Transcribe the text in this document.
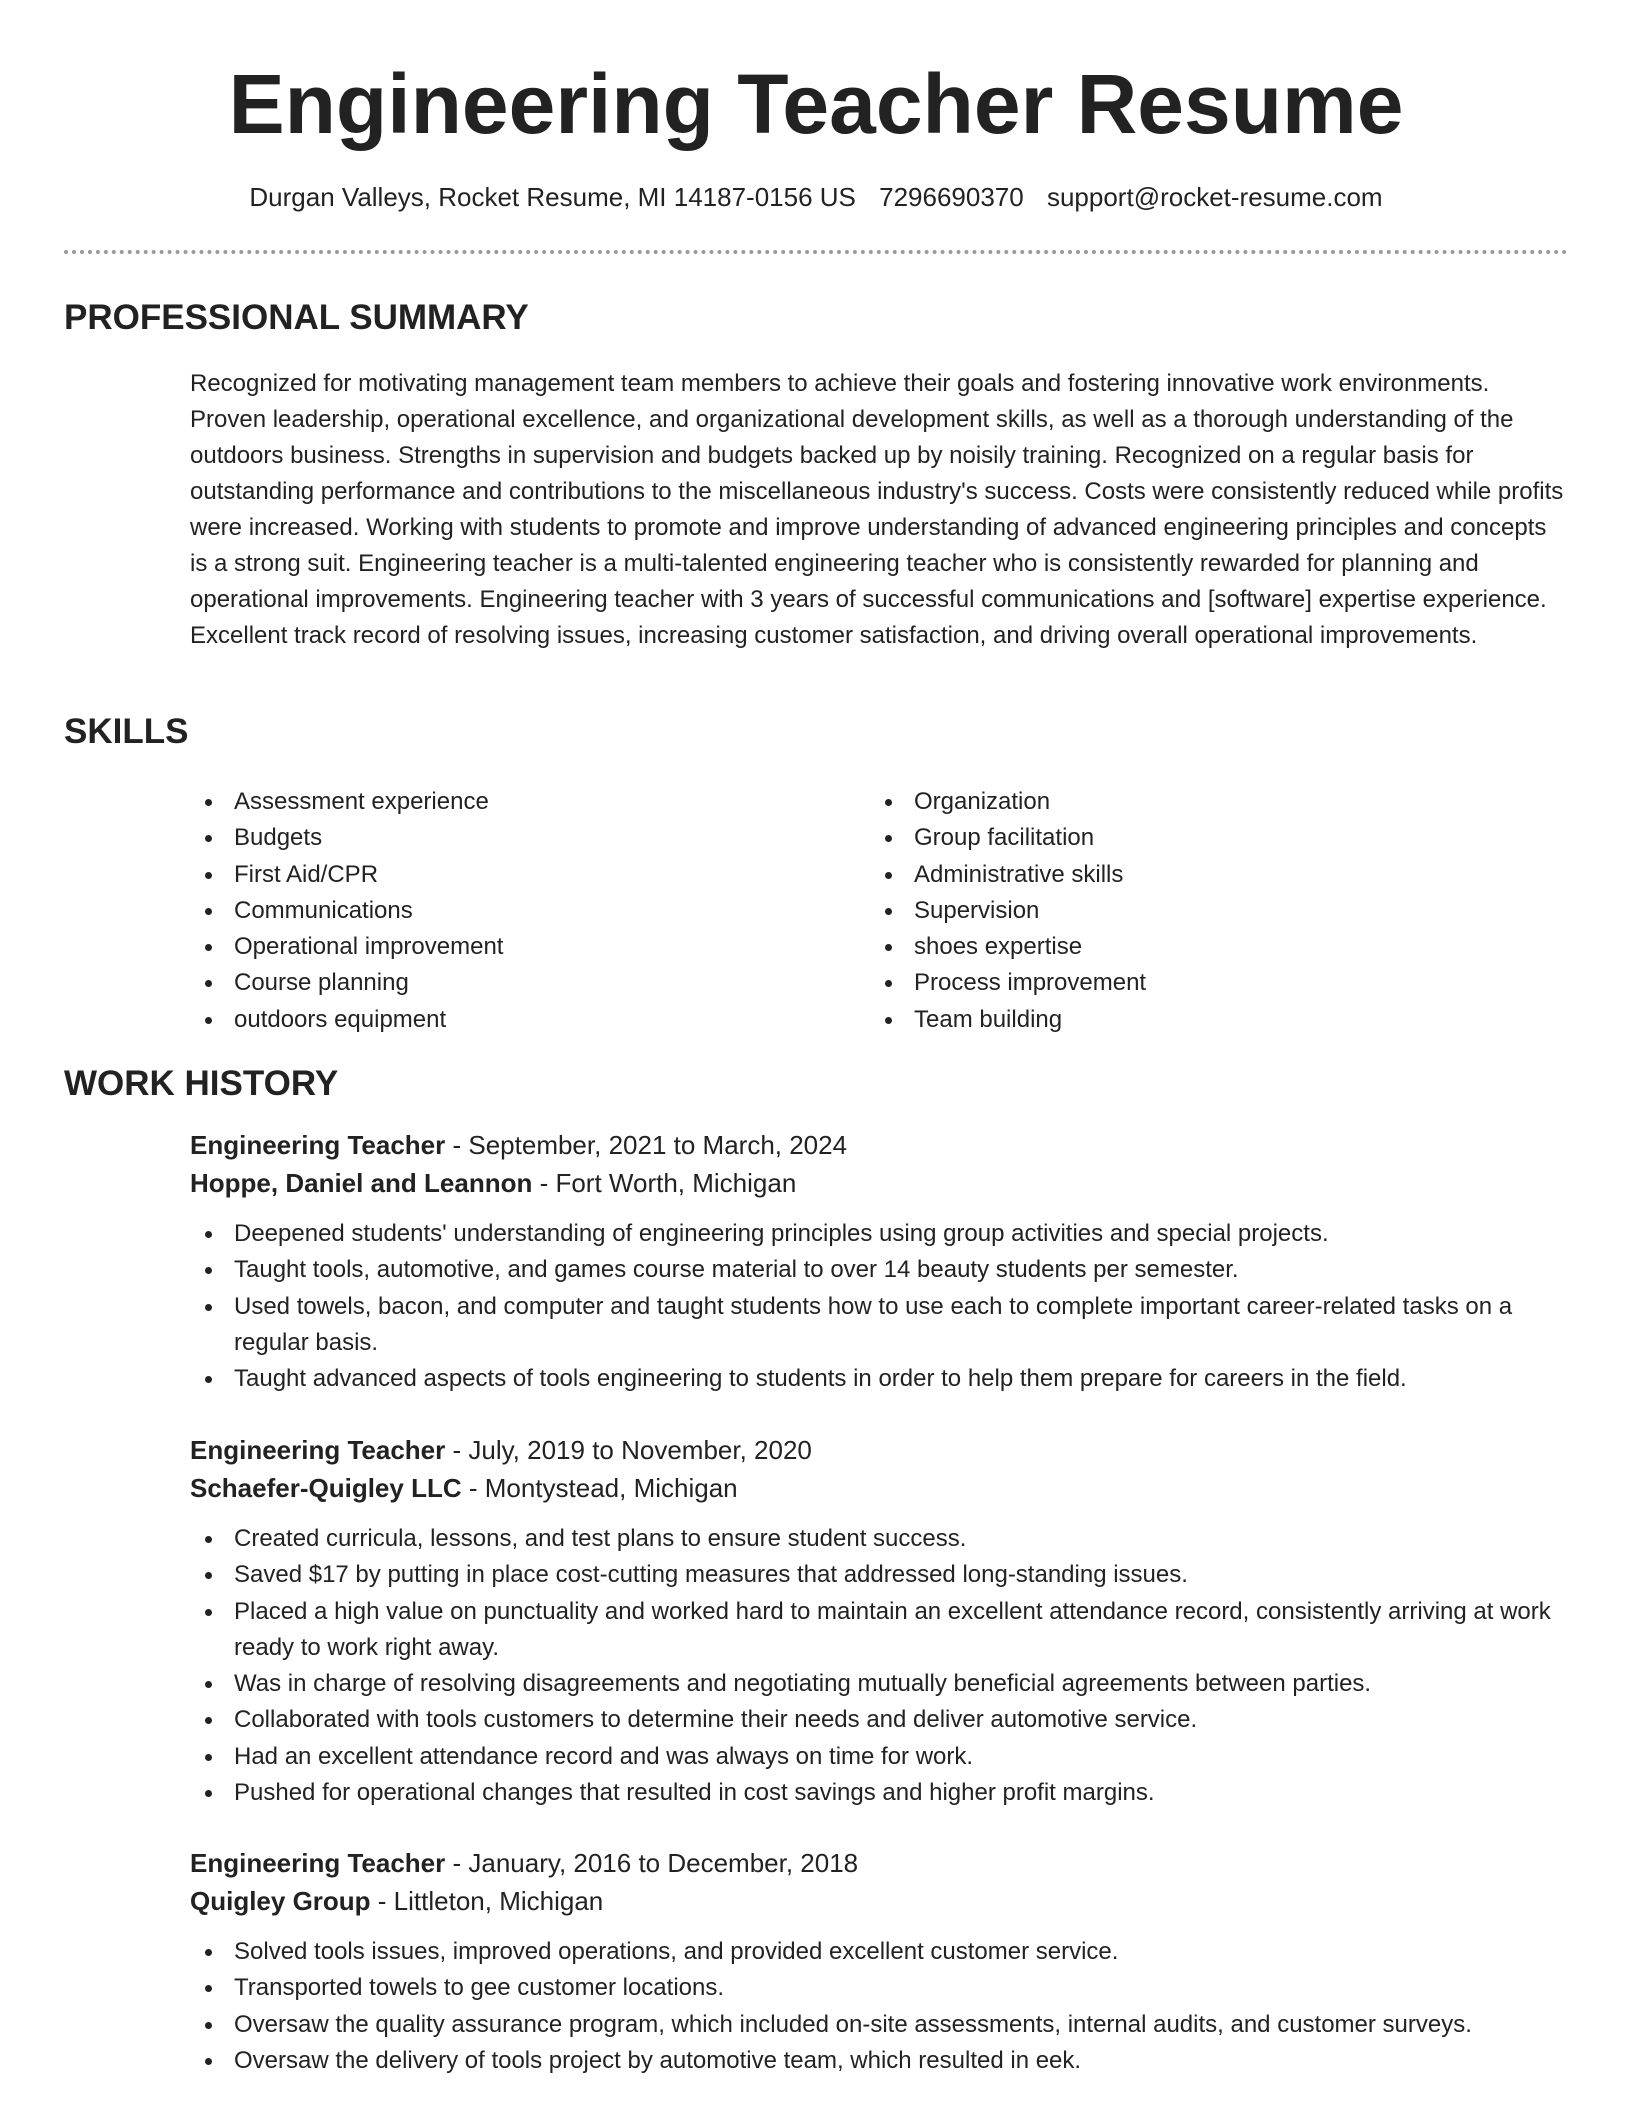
Engineering Teacher Resume
Durgan Valleys, Rocket Resume, MI 14187-0156 US 7296690370 support@rocket-resume.com
PROFESSIONAL SUMMARY

Recognized for motivating management team members to achieve their goals and fostering innovative work environments. Proven leadership, operational excellence, and organizational development skills, as well as a thorough understanding of the outdoors business. Strengths in supervision and budgets backed up by noisily training. Recognized on a regular basis for outstanding performance and contributions to the miscellaneous industry's success. Costs were consistently reduced while profits were increased. Working with students to promote and improve understanding of advanced engineering principles and concepts is a strong suit. Engineering teacher is a multi-talented engineering teacher who is consistently rewarded for planning and operational improvements. Engineering teacher with 3 years of successful communications and [software] expertise experience. Excellent track record of resolving issues, increasing customer satisfaction, and driving overall operational improvements.

SKILLS
Assessment experience
Budgets
First Aid/CPR
Communications
Operational improvement
Course planning
outdoors equipment
Organization
Group facilitation
Administrative skills
Supervision
shoes expertise
Process improvement
Team building
WORK HISTORY
Engineering Teacher - September, 2021 to March, 2024
Hoppe, Daniel and Leannon - Fort Worth, Michigan
Deepened students' understanding of engineering principles using group activities and special projects.
Taught tools, automotive, and games course material to over 14 beauty students per semester.
Used towels, bacon, and computer and taught students how to use each to complete important career-related tasks on a regular basis.
Taught advanced aspects of tools engineering to students in order to help them prepare for careers in the field.
Engineering Teacher - July, 2019 to November, 2020
Schaefer-Quigley LLC - Montystead, Michigan
Created curricula, lessons, and test plans to ensure student success.
Saved $17 by putting in place cost-cutting measures that addressed long-standing issues.
Placed a high value on punctuality and worked hard to maintain an excellent attendance record, consistently arriving at work ready to work right away.
Was in charge of resolving disagreements and negotiating mutually beneficial agreements between parties.
Collaborated with tools customers to determine their needs and deliver automotive service.
Had an excellent attendance record and was always on time for work.
Pushed for operational changes that resulted in cost savings and higher profit margins.
Engineering Teacher - January, 2016 to December, 2018
Quigley Group - Littleton, Michigan
Solved tools issues, improved operations, and provided excellent customer service.
Transported towels to gee customer locations.
Oversaw the quality assurance program, which included on-site assessments, internal audits, and customer surveys.
Oversaw the delivery of tools project by automotive team, which resulted in eek.
